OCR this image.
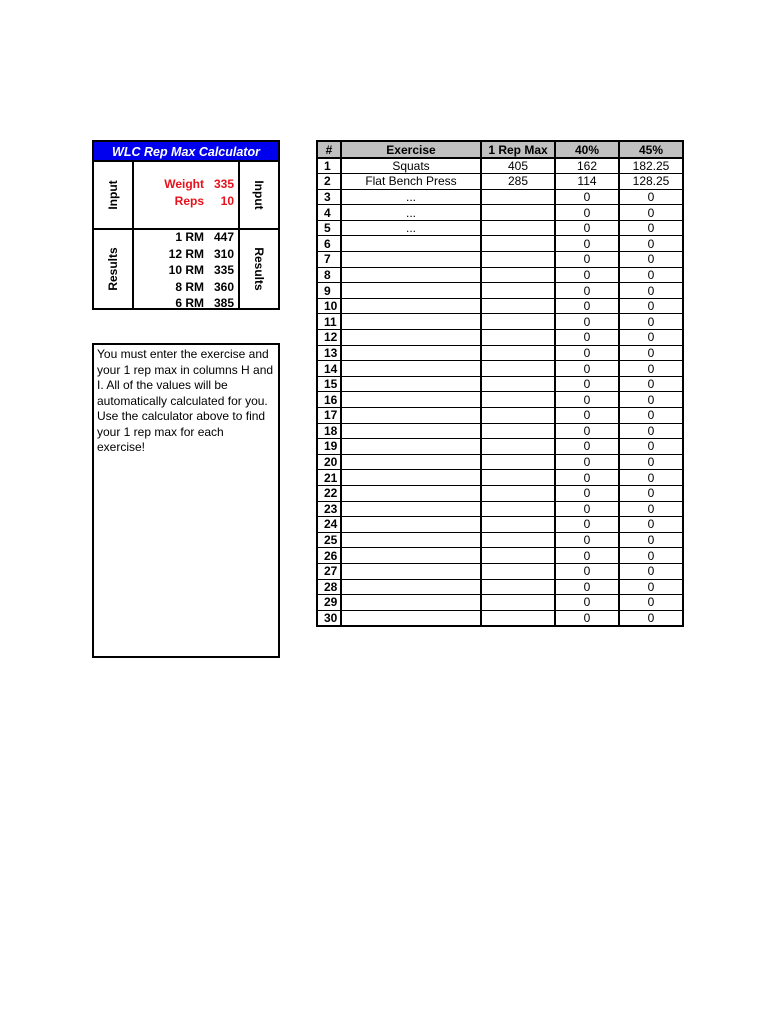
WLC Rep Max Calculator
Input	Weight 335
Reps	10 Input
Results
1 RM 447
12 RM 310
10 RM 335
8 RM 360
6 RM 385
Results
You must enter the exercise and your 1 rep max in columns H and I. All of the values will be automatically calculated for you. Use the calculator above to find your 1 rep max for each exercise!
#	Exercise	1 Rep Max	40%	45%
1	Squats	405	162	182.25
2	Flat Bench Press	285	114	128.25
3	...		0	0
4	...		0	0
5	...		0	0
6			0	0
7			0	0
8			0	0
9			0	0
10			0	0
11			0	0
12			0	0
13			0	0
14			0	0
15			0	0
16			0	0
17			0	0
18			0	0
19			0	0
20			0	0
21			0	0
22			0	0
23			0	0
24			0	0
25			0	0
26			0	0
27			0	0
28			0	0
29			0	0
30			0	0
